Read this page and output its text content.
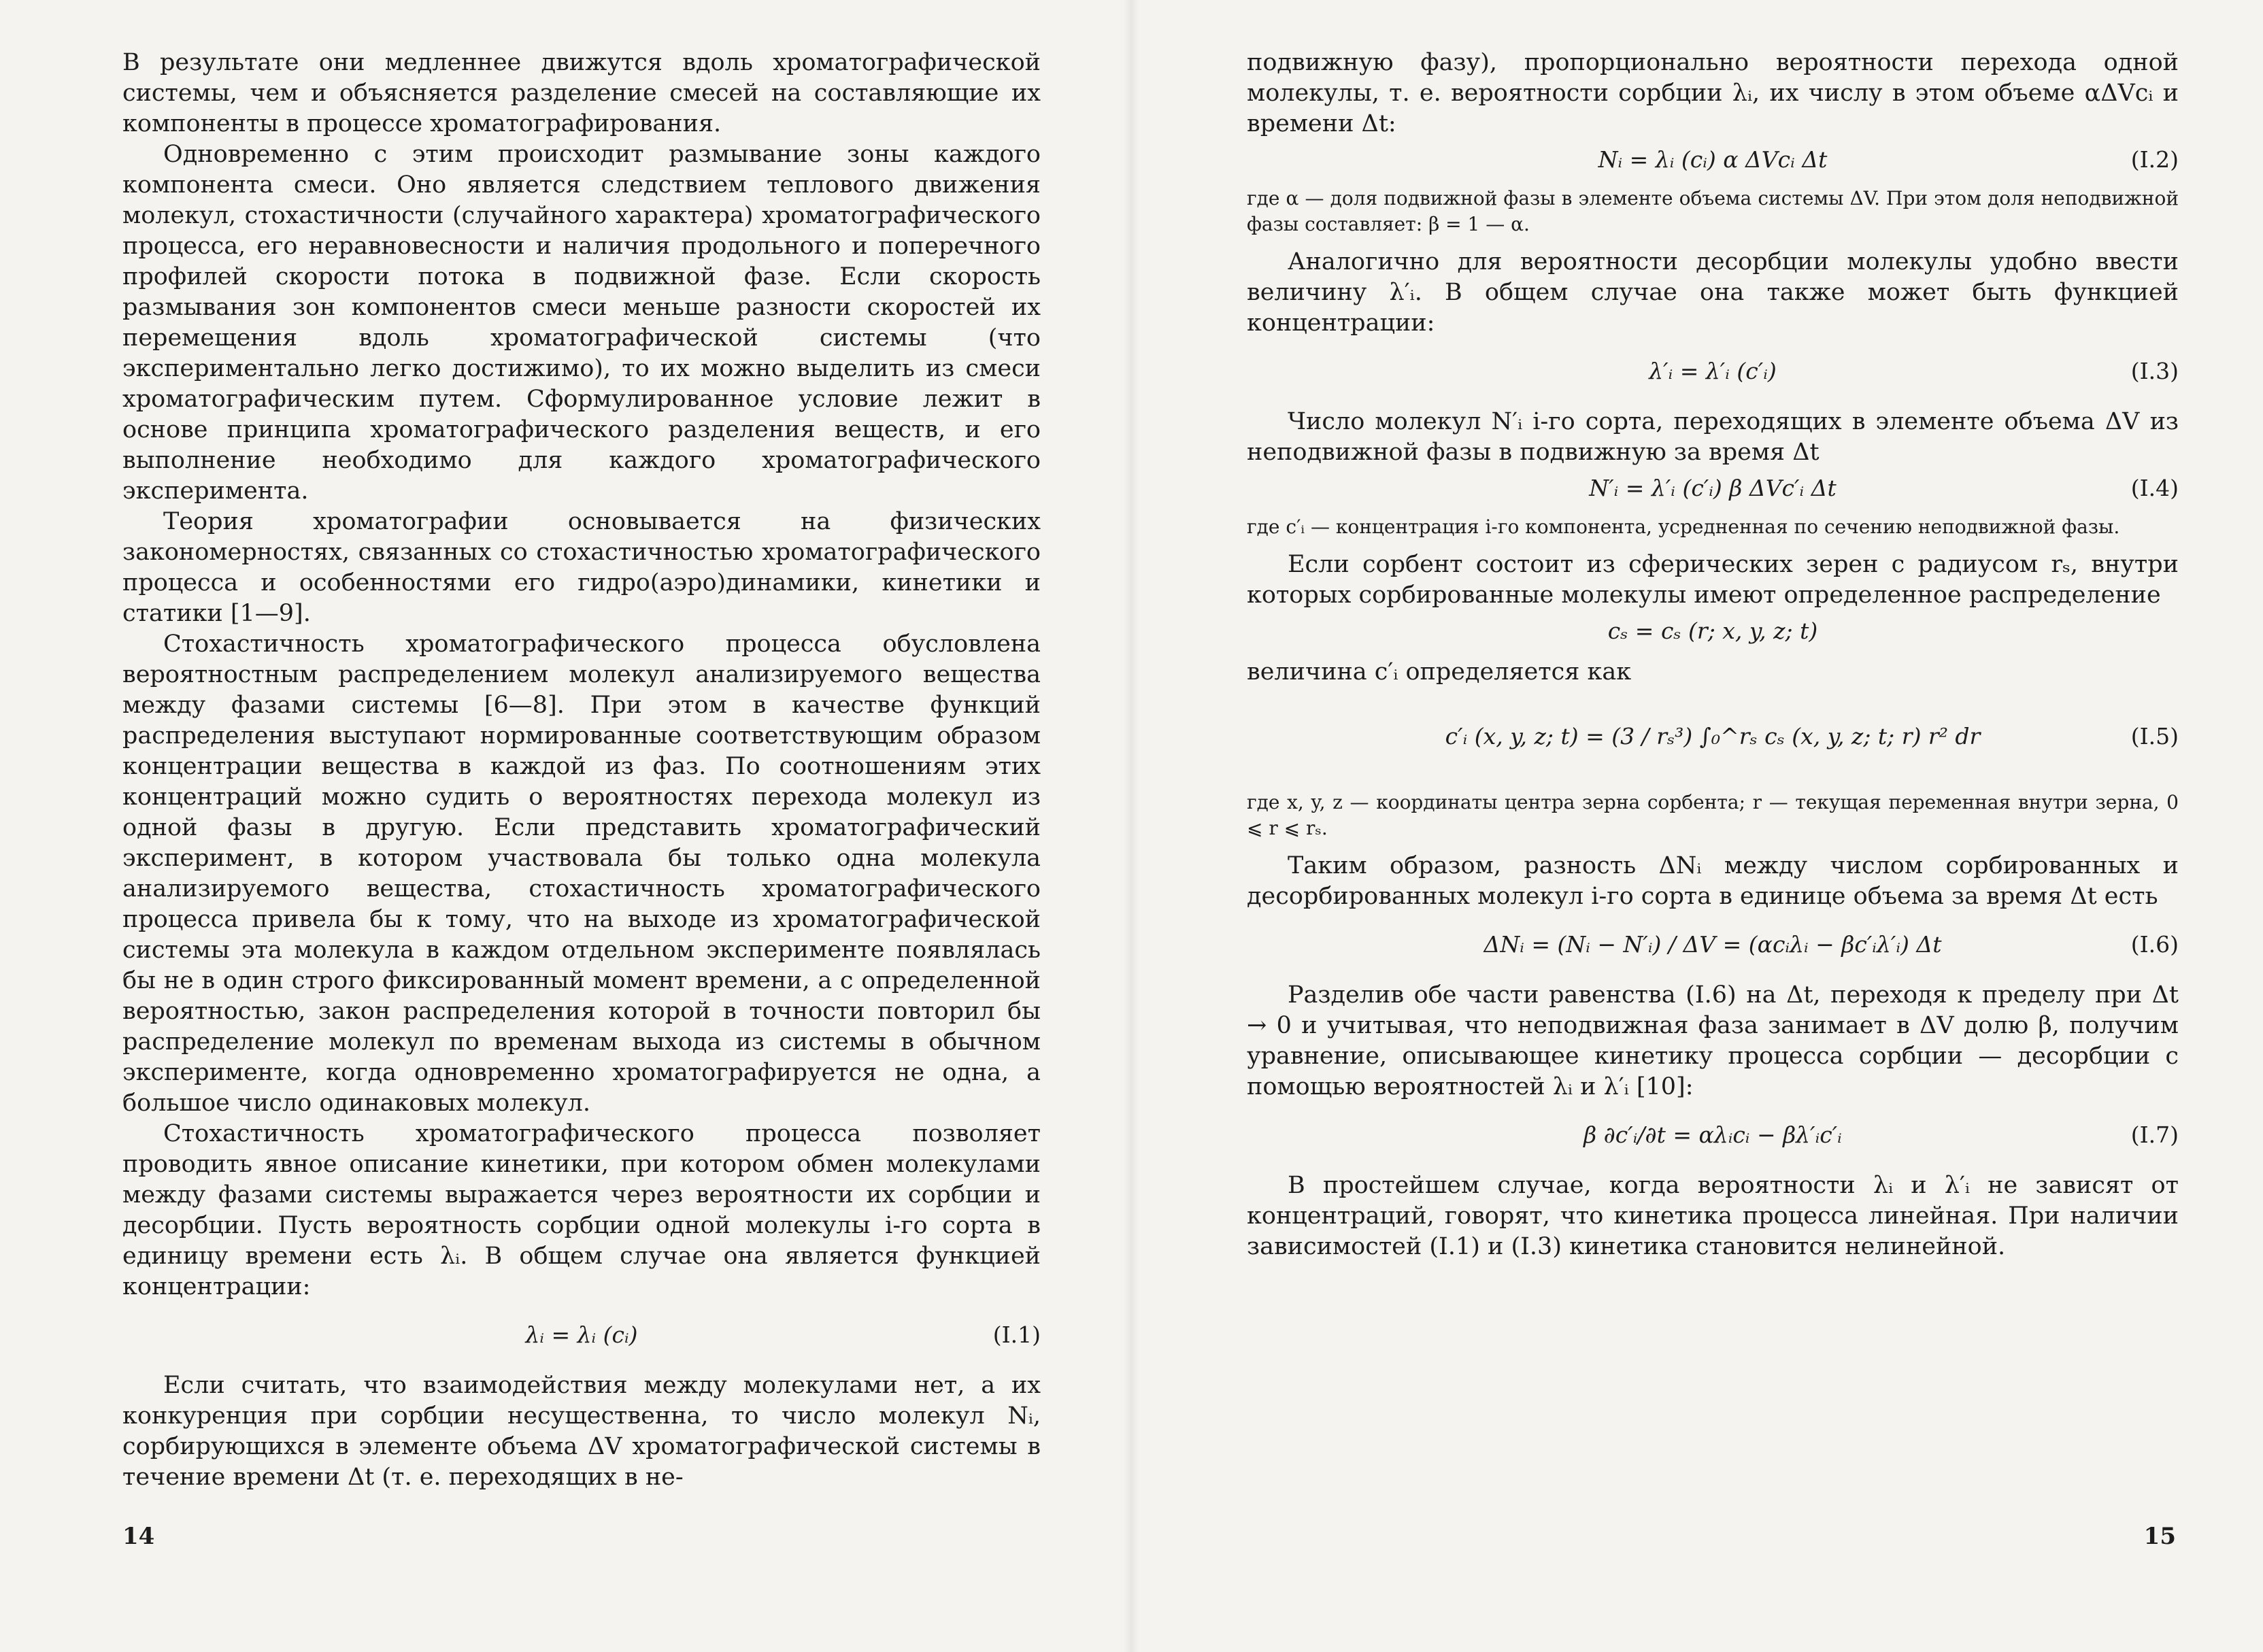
В результате они медленнее движутся вдоль хроматографической системы, чем и объясняется разделение смесей на составляющие их компоненты в процессе хроматографирования.

Одновременно с этим происходит размывание зоны каждого компонента смеси. Оно является следствием теплового движения молекул, стохастичности (случайного характера) хроматографического процесса, его неравновесности и наличия продольного и поперечного профилей скорости потока в подвижной фазе. Если скорость размывания зон компонентов смеси меньше разности скоростей их перемещения вдоль хроматографической системы (что экспериментально легко достижимо), то их можно выделить из смеси хроматографическим путем. Сформулированное условие лежит в основе принципа хроматографического разделения веществ, и его выполнение необходимо для каждого хроматографического эксперимента.

Теория хроматографии основывается на физических закономерностях, связанных со стохастичностью хроматографического процесса и особенностями его гидро(аэро)динамики, кинетики и статики [1—9].

Стохастичность хроматографического процесса обусловлена вероятностным распределением молекул анализируемого вещества между фазами системы [6—8]. При этом в качестве функций распределения выступают нормированные соответствующим образом концентрации вещества в каждой из фаз. По соотношениям этих концентраций можно судить о вероятностях перехода молекул из одной фазы в другую. Если представить хроматографический эксперимент, в котором участвовала бы только одна молекула анализируемого вещества, стохастичность хроматографического процесса привела бы к тому, что на выходе из хроматографической системы эта молекула в каждом отдельном эксперименте появлялась бы не в один строго фиксированный момент времени, а с определенной вероятностью, закон распределения которой в точности повторил бы распределение молекул по временам выхода из системы в обычном эксперименте, когда одновременно хроматографируется не одна, а большое число одинаковых молекул.

Стохастичность хроматографического процесса позволяет проводить явное описание кинетики, при котором обмен молекулами между фазами системы выражается через вероятности их сорбции и десорбции. Пусть вероятность сорбции одной молекулы i-го сорта в единицу времени есть λᵢ. В общем случае она является функцией концентрации:

λᵢ = λᵢ (cᵢ)	(I.1)

Если считать, что взаимодействия между молекулами нет, а их конкуренция при сорбции несущественна, то число молекул Nᵢ, сорбирующихся в элементе объема ΔV хроматографической системы в течение времени Δt (т. е. переходящих в не-

14

подвижную фазу), пропорционально вероятности перехода одной молекулы, т. е. вероятности сорбции λᵢ, их числу в этом объеме αΔVcᵢ и времени Δt:

Nᵢ = λᵢ (cᵢ) α ΔVcᵢ Δt	(I.2)

где α — доля подвижной фазы в элементе объема системы ΔV. При этом доля неподвижной фазы составляет: β = 1 — α.

Аналогично для вероятности десорбции молекулы удобно ввести величину λ′ᵢ. В общем случае она также может быть функцией концентрации:

λ′ᵢ = λ′ᵢ (c′ᵢ)	(I.3)

Число молекул N′ᵢ i-го сорта, переходящих в элементе объема ΔV из неподвижной фазы в подвижную за время Δt

N′ᵢ = λ′ᵢ (c′ᵢ) β ΔVc′ᵢ Δt	(I.4)

где c′ᵢ — концентрация i-го компонента, усредненная по сечению неподвижной фазы.

Если сорбент состоит из сферических зерен с радиусом rₛ, внутри которых сорбированные молекулы имеют определенное распределение

cₛ = cₛ (r; x, y, z; t)

величина c′ᵢ определяется как

c′ᵢ (x, y, z; t) = (3 / rₛ³) ∫₀^rₛ cₛ (x, y, z; t; r) r² dr	(I.5)

где x, y, z — координаты центра зерна сорбента; r — текущая переменная внутри зерна, 0 ⩽ r ⩽ rₛ.

Таким образом, разность ΔNᵢ между числом сорбированных и десорбированных молекул i-го сорта в единице объема за время Δt есть

ΔNᵢ = (Nᵢ − N′ᵢ) / ΔV = (αcᵢλᵢ − βc′ᵢλ′ᵢ) Δt	(I.6)

Разделив обе части равенства (I.6) на Δt, переходя к пределу при Δt → 0 и учитывая, что неподвижная фаза занимает в ΔV долю β, получим уравнение, описывающее кинетику процесса сорбции — десорбции с помощью вероятностей λᵢ и λ′ᵢ [10]:

β ∂c′ᵢ/∂t = αλᵢcᵢ − βλ′ᵢc′ᵢ	(I.7)

В простейшем случае, когда вероятности λᵢ и λ′ᵢ не зависят от концентраций, говорят, что кинетика процесса линейная. При наличии зависимостей (I.1) и (I.3) кинетика становится нелинейной.

15
